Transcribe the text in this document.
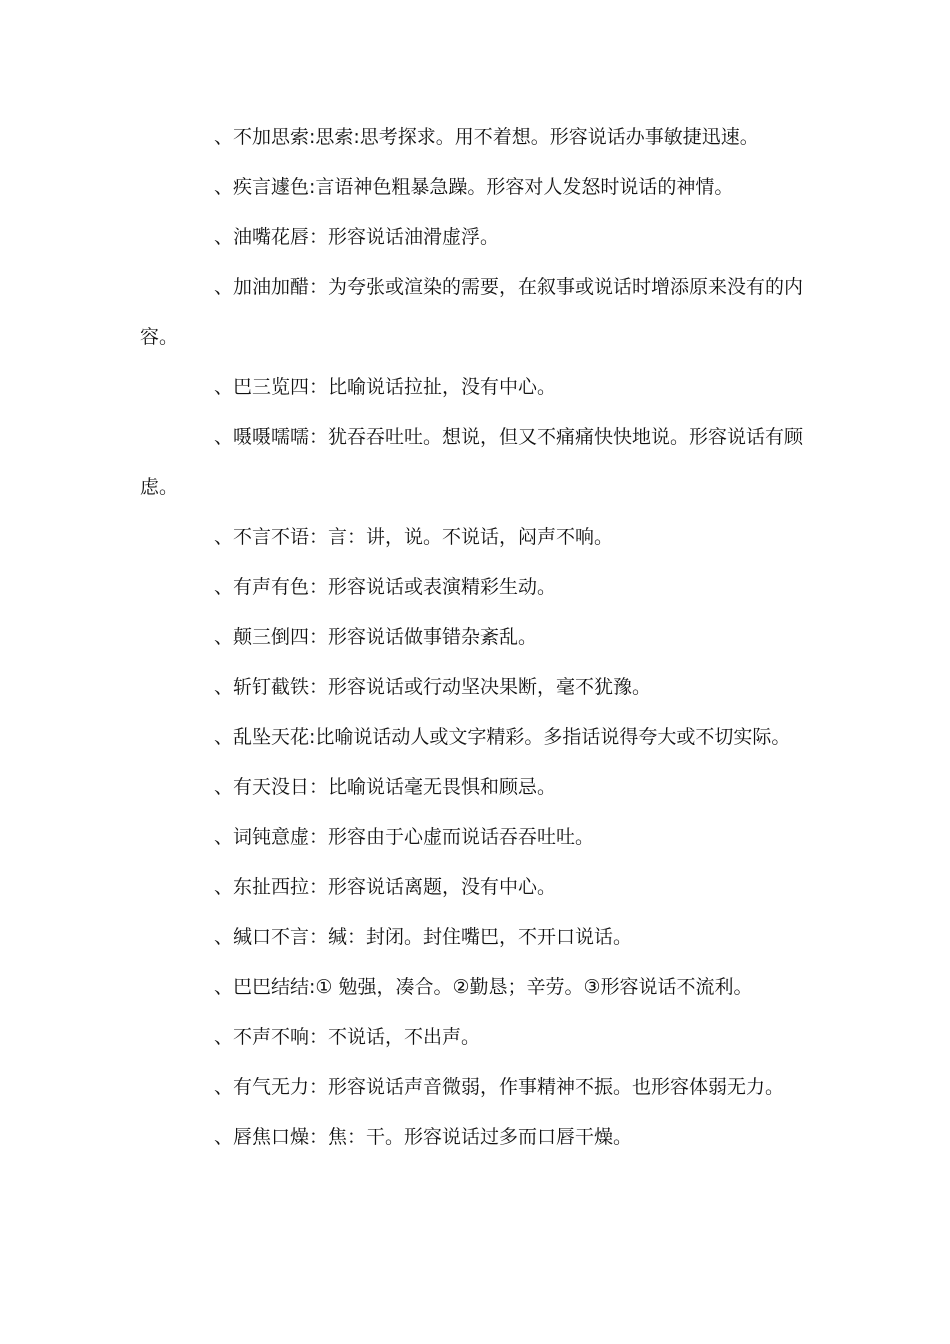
、不加思索:思索:思考探求。用不着想。形容说话办事敏捷迅速。

、疾言遽色:言语神色粗暴急躁。形容对人发怒时说话的神情。

、油嘴花唇：形容说话油滑虚浮。

、加油加醋：为夸张或渲染的需要，在叙事或说话时增添原来没有的内容。

、巴三览四：比喻说话拉扯，没有中心。

、嗫嗫嚅嚅：犹吞吞吐吐。想说，但又不痛痛快快地说。形容说话有顾虑。

、不言不语：言：讲，说。不说话，闷声不响。

、有声有色：形容说话或表演精彩生动。

、颠三倒四：形容说话做事错杂紊乱。

、斩钉截铁：形容说话或行动坚决果断，毫不犹豫。

、乱坠天花:比喻说话动人或文字精彩。多指话说得夸大或不切实际。

、有天没日：比喻说话毫无畏惧和顾忌。

、词钝意虚：形容由于心虚而说话吞吞吐吐。

、东扯西拉：形容说话离题，没有中心。

、缄口不言：缄：封闭。封住嘴巴，不开口说话。

、巴巴结结:① 勉强，凑合。②勤恳；辛劳。③形容说话不流利。

、不声不响：不说话，不出声。

、有气无力：形容说话声音微弱，作事精神不振。也形容体弱无力。

、唇焦口燥：焦：干。形容说话过多而口唇干燥。
